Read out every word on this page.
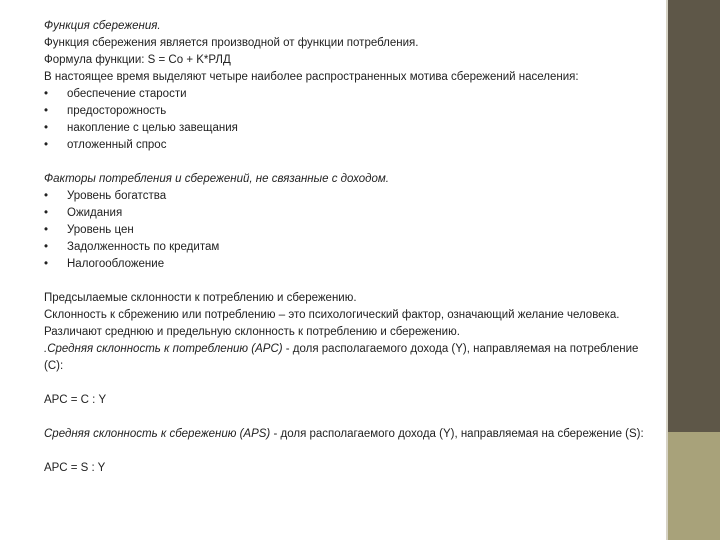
Функция сбережения.
Функция сбережения является производной от функции потребления.
Формула функции: S = Co + K*РЛД
В настоящее время выделяют четыре наиболее распространенных мотива сбережений населения:
•	обеспечение старости
•	предосторожность
•	накопление с целью завещания
•	отложенный спрос
Факторы потребления и сбережений, не связанные с доходом.
•	Уровень богатства
•	Ожидания
•	Уровень цен
•	Задолженность по кредитам
•	Налогообложение
Предсылаемые склонности к потреблению и сбережению.
Склонность к сбрежению или потреблению – это психологический фактор, означающий желание человека.
Различают среднюю и предельную склонность к потреблению и сбережению.
.Средняя склонность к потреблению (АРС) - доля располагаемого дохода (Y), направляемая на потребление (С):
АРС = С : Y
Средняя склонность к сбережению (APS) - доля располагаемого дохода (Y), направляемая на сбережение (S):
АРС = S : Y
